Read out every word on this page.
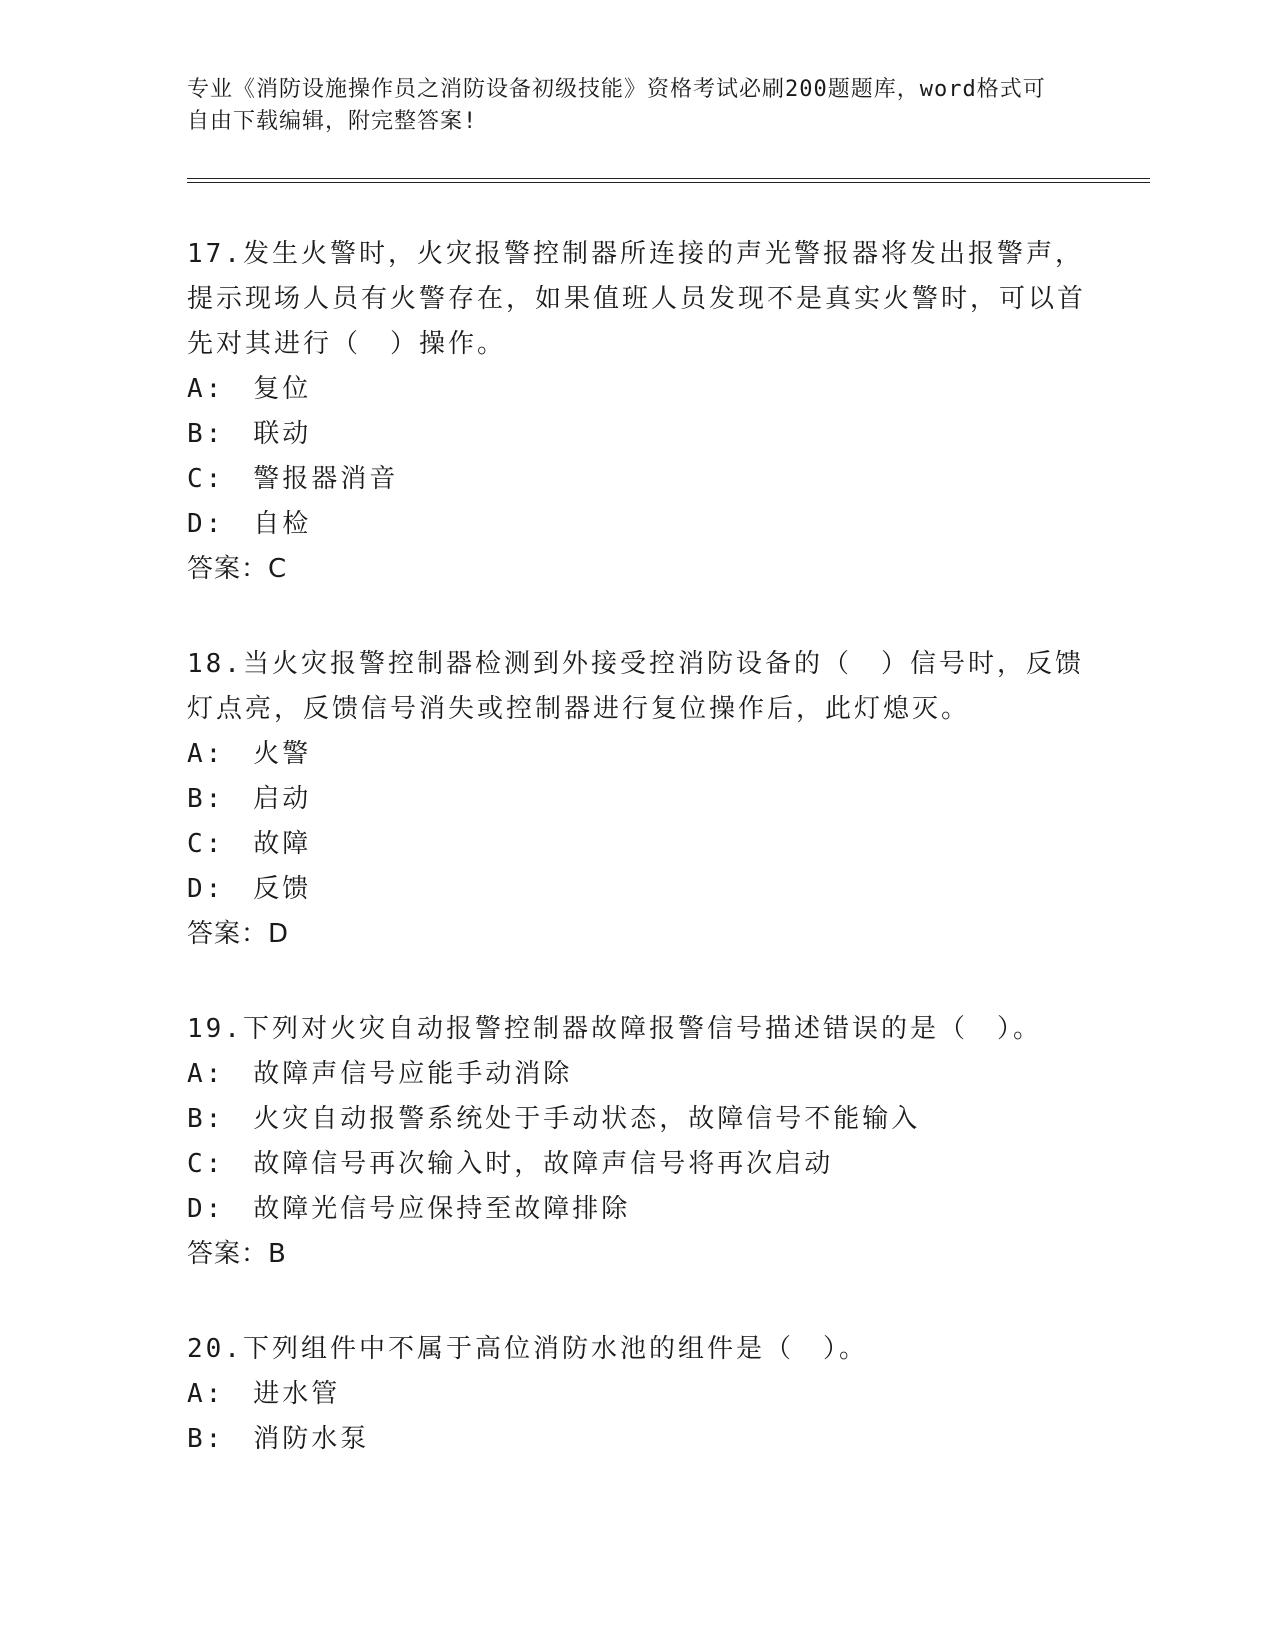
专业《消防设施操作员之消防设备初级技能》资格考试必刷200题题库，word格式可自由下载编辑，附完整答案!

17.发生火警时，火灾报警控制器所连接的声光警报器将发出报警声，提示现场人员有火警存在，如果值班人员发现不是真实火警时，可以首先对其进行（　）操作。

A:　复位

B:　联动

C:　警报器消音

D:　自检

答案：C

18.当火灾报警控制器检测到外接受控消防设备的（　）信号时，反馈灯点亮，反馈信号消失或控制器进行复位操作后，此灯熄灭。

A:　火警

B:　启动

C:　故障

D:　反馈

答案：D

19.下列对火灾自动报警控制器故障报警信号描述错误的是（　）。

A:　故障声信号应能手动消除

B:　火灾自动报警系统处于手动状态，故障信号不能输入

C:　故障信号再次输入时，故障声信号将再次启动

D:　故障光信号应保持至故障排除

答案：B

20.下列组件中不属于高位消防水池的组件是（　）。

A:　进水管

B:　消防水泵
